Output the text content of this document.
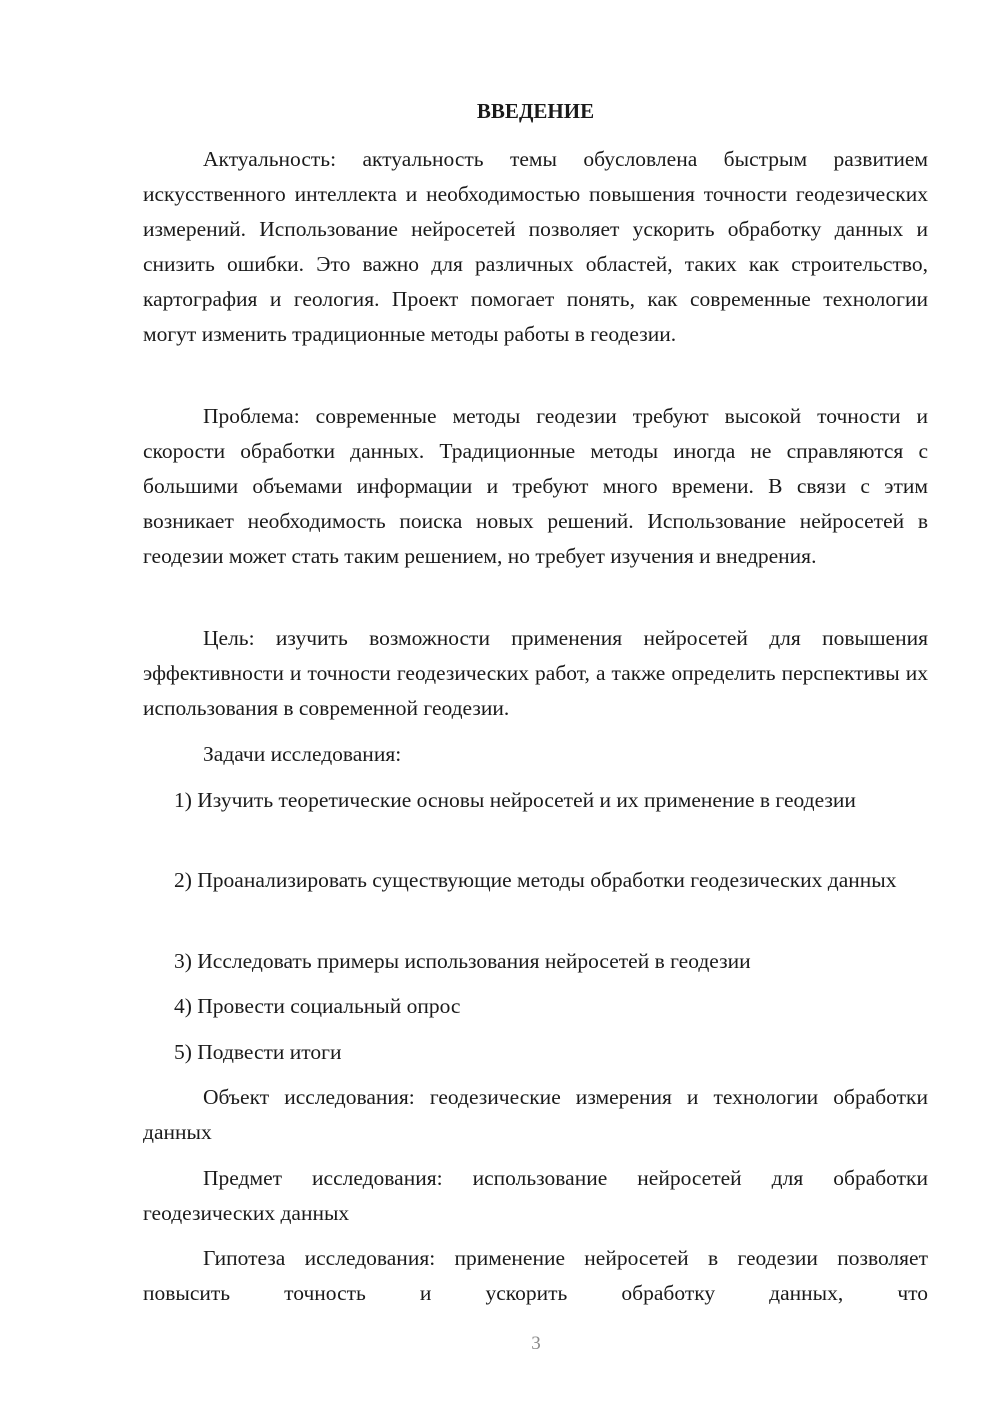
ВВЕДЕНИЕ

Актуальность: актуальность темы обусловлена быстрым развитием искусственного интеллекта и необходимостью повышения точности геодезических измерений. Использование нейросетей позволяет ускорить обработку данных и снизить ошибки. Это важно для различных областей, таких как строительство, картография и геология. Проект помогает понять, как современные технологии могут изменить традиционные методы работы в геодезии.

Проблема: современные методы геодезии требуют высокой точности и скорости обработки данных. Традиционные методы иногда не справляются с большими объемами информации и требуют много времени. В связи с этим возникает необходимость поиска новых решений. Использование нейросетей в геодезии может стать таким решением, но требует изучения и внедрения.

Цель: изучить возможности применения нейросетей для повышения эффективности и точности геодезических работ, а также определить перспективы их использования в современной геодезии.

Задачи исследования:

1) Изучить теоретические основы нейросетей и их применение в геодезии

2) Проанализировать существующие методы обработки геодезических данных

3) Исследовать примеры использования нейросетей в геодезии

4) Провести социальный опрос

5) Подвести итоги

Объект исследования: геодезические измерения и технологии обработки данных

Предмет исследования: использование нейросетей для обработки геодезических данных

Гипотеза исследования: применение нейросетей в геодезии позволяет повысить точность и ускорить обработку данных, что

3
